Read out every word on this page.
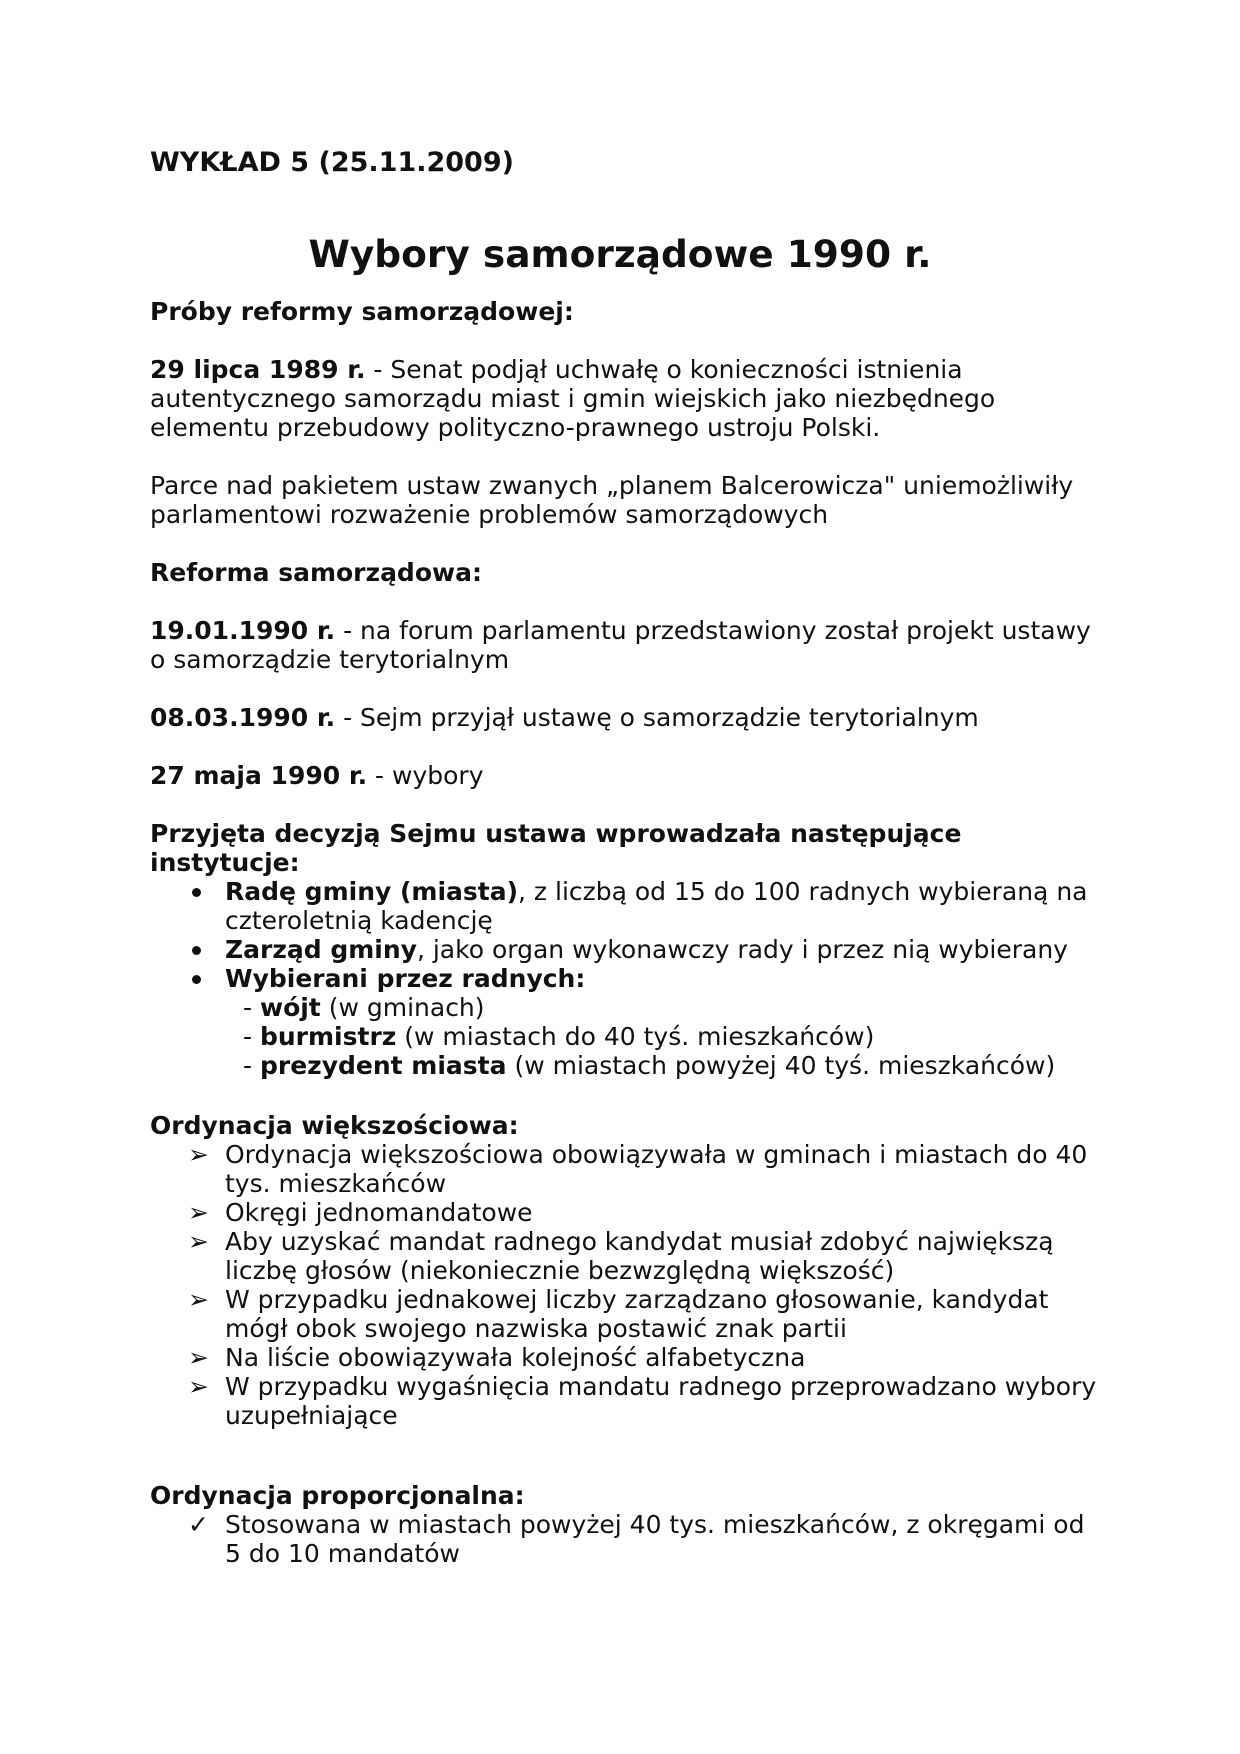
WYKŁAD 5 (25.11.2009)
Wybory samorządowe 1990 r.

Próby reformy samorządowej:

29 lipca 1989 r. - Senat podjął uchwałę o konieczności istnienia autentycznego samorządu miast i gmin wiejskich jako niezbędnego elementu przebudowy polityczno-prawnego ustroju Polski.

Parce nad pakietem ustaw zwanych „planem Balcerowicza" uniemożliwiły parlamentowi rozważenie problemów samorządowych

Reforma samorządowa:

19.01.1990 r. - na forum parlamentu przedstawiony został projekt ustawy o samorządzie terytorialnym

08.03.1990 r. - Sejm przyjął ustawę o samorządzie terytorialnym

27 maja 1990 r. - wybory

Przyjęta decyzją Sejmu ustawa wprowadzała następujące instytucje:

Radę gminy (miasta), z liczbą od 15 do 100 radnych wybieraną na czteroletnią kadencję
Zarząd gminy, jako organ wykonawczy rady i przez nią wybierany
Wybierani przez radnych:
- wójt (w gminach)
- burmistrz (w miastach do 40 tyś. mieszkańców)
- prezydent miasta (w miastach powyżej 40 tyś. mieszkańców)

Ordynacja większościowa:

➢ Ordynacja większościowa obowiązywała w gminach i miastach do 40 tys. mieszkańców
➢ Okręgi jednomandatowe
➢ Aby uzyskać mandat radnego kandydat musiał zdobyć największą liczbę głosów (niekoniecznie bezwzględną większość)
➢ W przypadku jednakowej liczby zarządzano głosowanie, kandydat mógł obok swojego nazwiska postawić znak partii
➢ Na liście obowiązywała kolejność alfabetyczna
➢ W przypadku wygaśnięcia mandatu radnego przeprowadzano wybory uzupełniające

Ordynacja proporcjonalna:

✓ Stosowana w miastach powyżej 40 tys. mieszkańców, z okręgami od 5 do 10 mandatów
